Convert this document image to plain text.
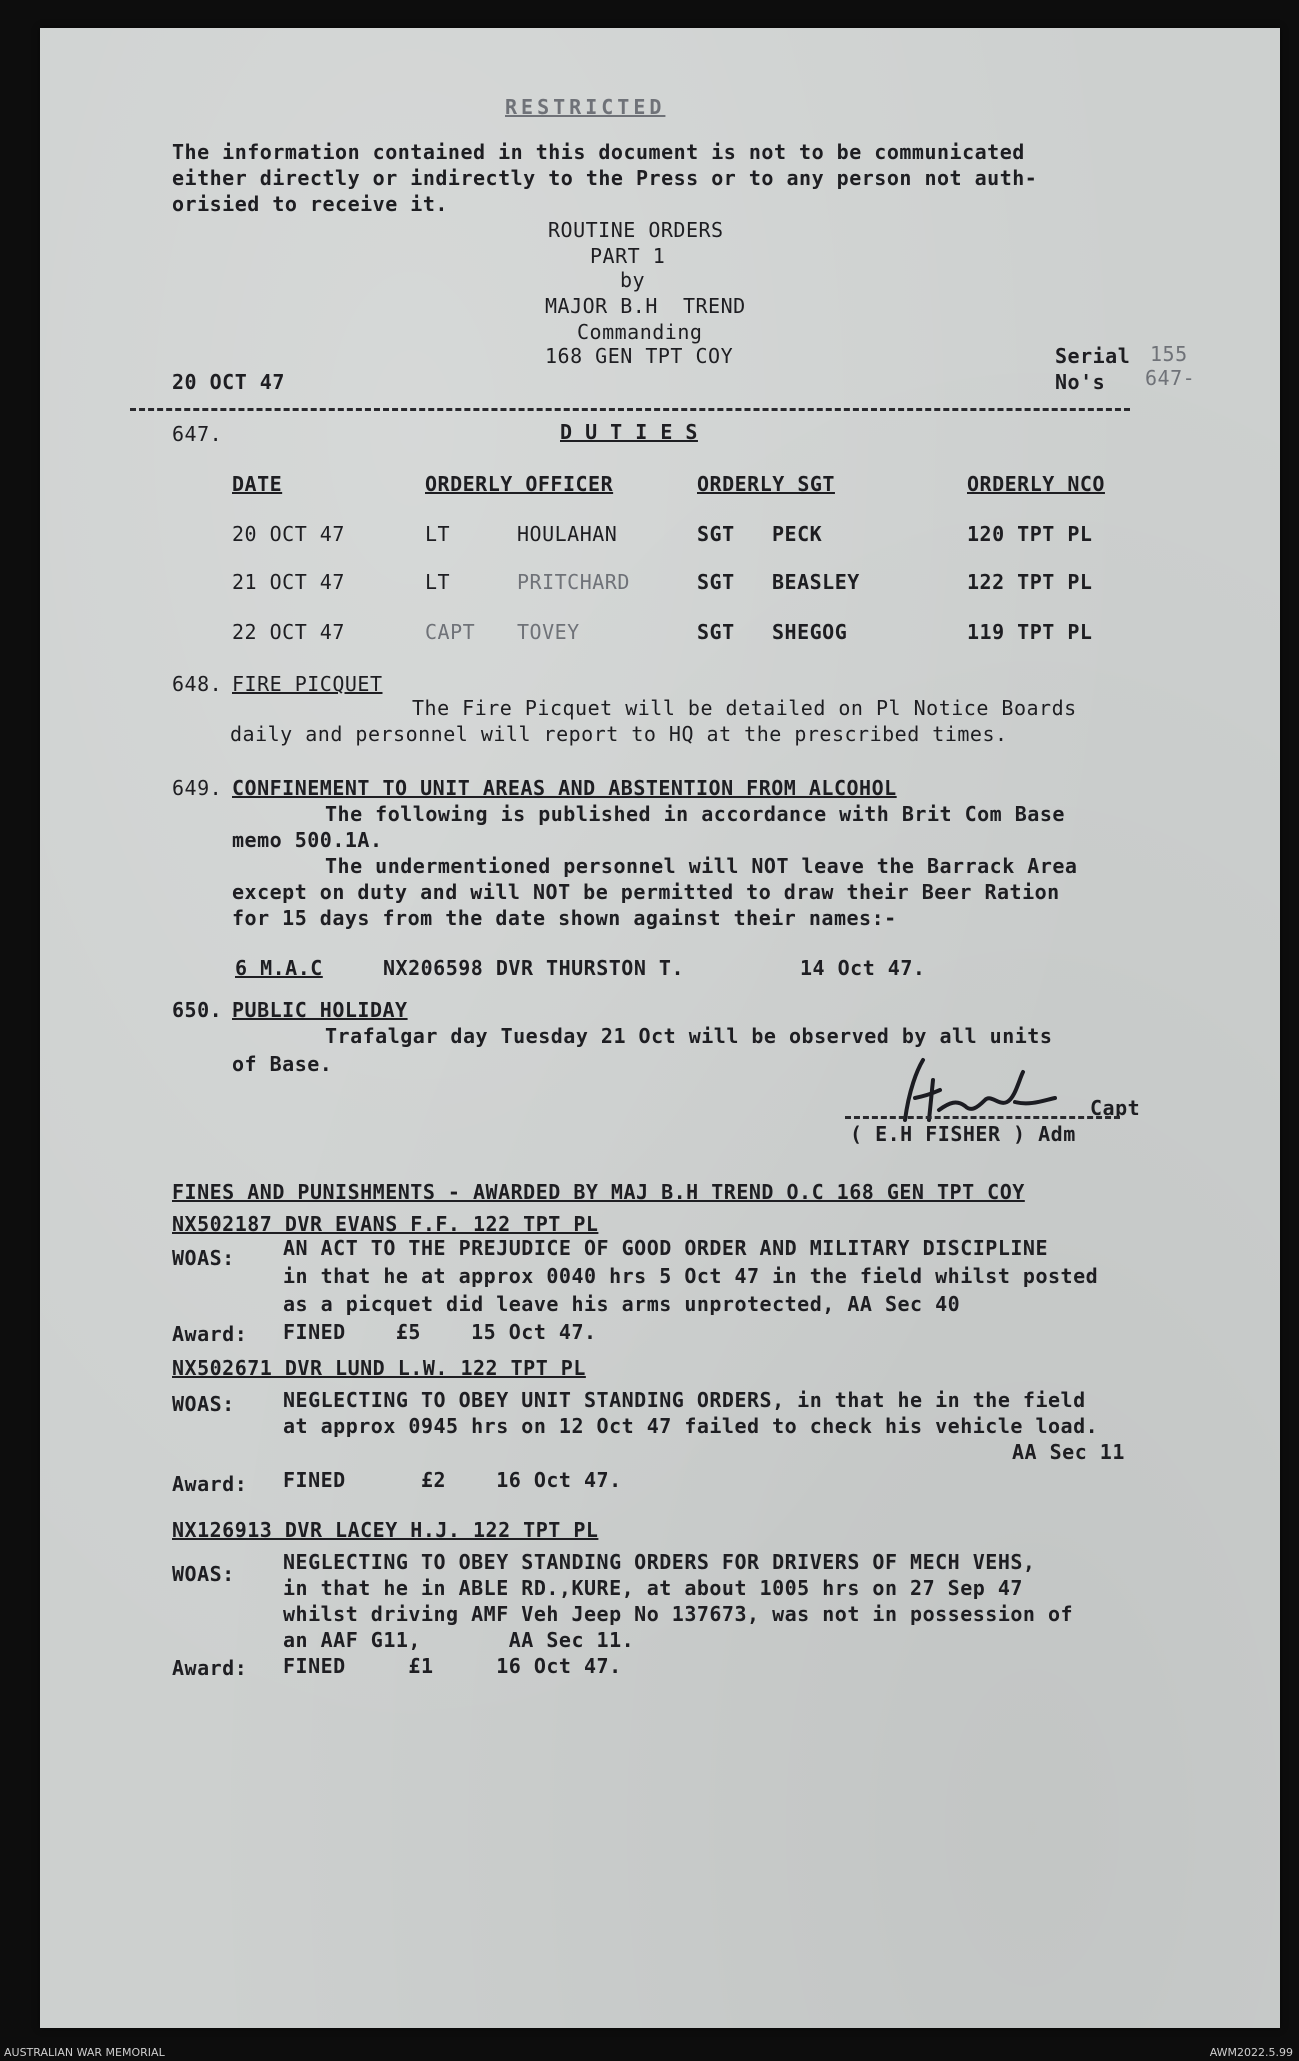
RESTRICTED
The information contained in this document is not to be communicated
either directly or indirectly to the Press or to any person not auth-
orisied to receive it.
ROUTINE ORDERS
PART 1
by
MAJOR B.H  TREND
Commanding
168 GEN TPT COY
20 OCT 47
Serial 155
No's 647-
647.	D U T I E S
DATE	ORDERLY OFFICER	ORDERLY SGT	ORDERLY NCO
20 OCT 47	LT	HOULAHAN	SGT PECK	120 TPT PL
21 OCT 47	LT	PRITCHARD	SGT BEASLEY	122 TPT PL
22 OCT 47	CAPT TOVEY	SGT SHEGOG	119 TPT PL
648. FIRE PICQUET
The Fire Picquet will be detailed on Pl Notice Boards
daily and personnel will report to HQ at the prescribed times.
649. CONFINEMENT TO UNIT AREAS AND ABSTENTION FROM ALCOHOL
The following is published in accordance with Brit Com Base
memo 500.1A.
The undermentioned personnel will NOT leave the Barrack Area
except on duty and will NOT be permitted to draw their Beer Ration
for 15 days from the date shown against their names:-
6 M.A.C	NX206598 DVR THURSTON T.	14 Oct 47.
650. PUBLIC HOLIDAY
Trafalgar day Tuesday 21 Oct will be observed by all units
of Base.
Capt
( E.H FISHER ) Adm
FINES AND PUNISHMENTS - AWARDED BY MAJ B.H TREND O.C 168 GEN TPT COY
NX502187 DVR EVANS F.F. 122 TPT PL
WOAS: AN ACT TO THE PREJUDICE OF GOOD ORDER AND MILITARY DISCIPLINE
in that he at approx 0040 hrs 5 Oct 47 in the field whilst posted
as a picquet did leave his arms unprotected, AA Sec 40
Award: FINED    £5    15 Oct 47.
NX502671 DVR LUND L.W. 122 TPT PL
WOAS: NEGLECTING TO OBEY UNIT STANDING ORDERS, in that he in the field
at approx 0945 hrs on 12 Oct 47 failed to check his vehicle load.
AA Sec 11
Award: FINED      £2    16 Oct 47.
NX126913 DVR LACEY H.J. 122 TPT PL
WOAS: NEGLECTING TO OBEY STANDING ORDERS FOR DRIVERS OF MECH VEHS,
in that he in ABLE RD.,KURE, at about 1005 hrs on 27 Sep 47
whilst driving AMF Veh Jeep No 137673, was not in possession of
an AAF G11,       AA Sec 11.
Award: FINED     £1     16 Oct 47.
AUSTRALIAN WAR MEMORIAL	AWM2022.5.99
